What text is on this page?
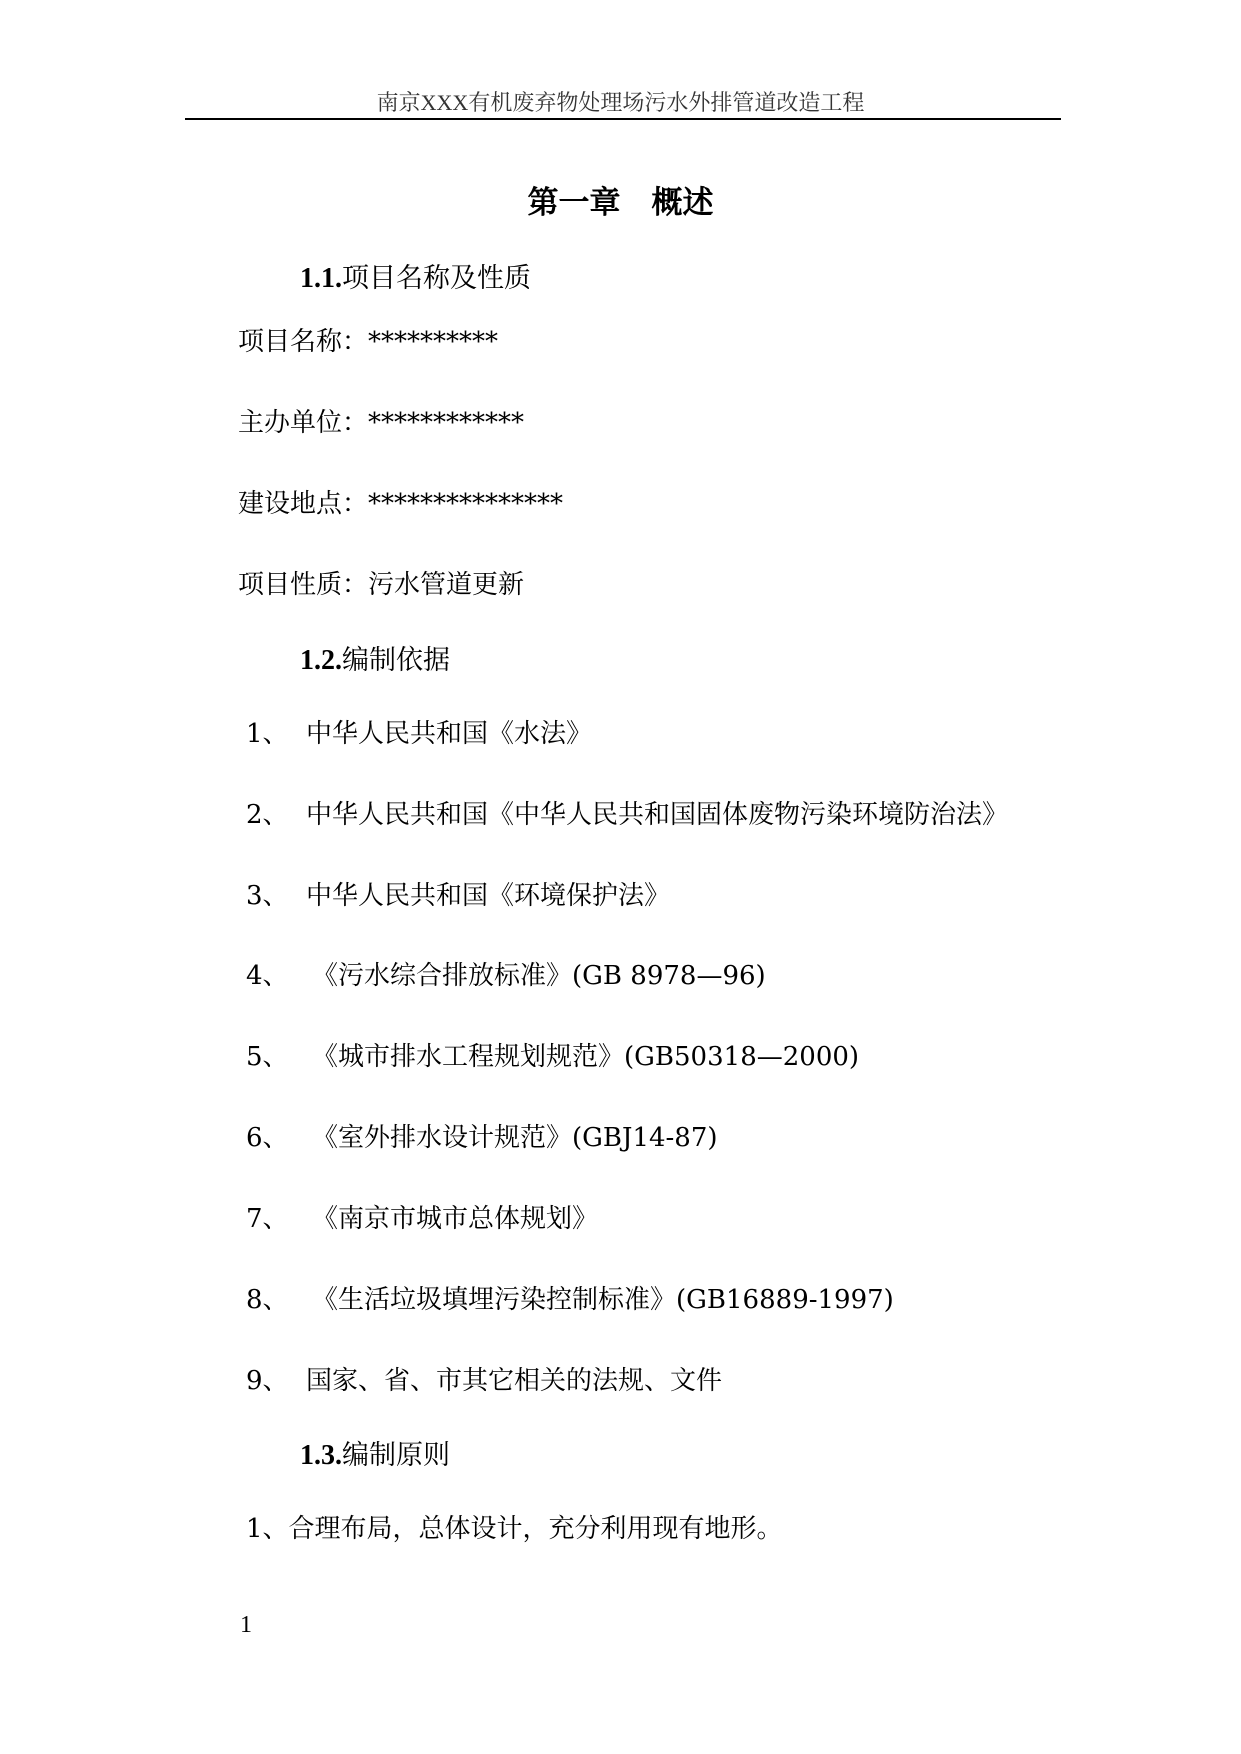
南京XXX有机废弃物处理场污水外排管道改造工程
第一章　概述
1.1.项目名称及性质
项目名称：**********
主办单位：************
建设地点：***************
项目性质：污水管道更新
1.2.编制依据
1、 中华人民共和国《水法》
2、 中华人民共和国《中华人民共和国固体废物污染环境防治法》
3、 中华人民共和国《环境保护法》
4、 《污水综合排放标准》(GB 8978—96)
5、 《城市排水工程规划规范》(GB50318—2000)
6、 《室外排水设计规范》(GBJ14-87)
7、 《南京市城市总体规划》
8、 《生活垃圾填埋污染控制标准》(GB16889-1997)
9、 国家、省、市其它相关的法规、文件
1.3.编制原则
1、合理布局，总体设计，充分利用现有地形。
1
